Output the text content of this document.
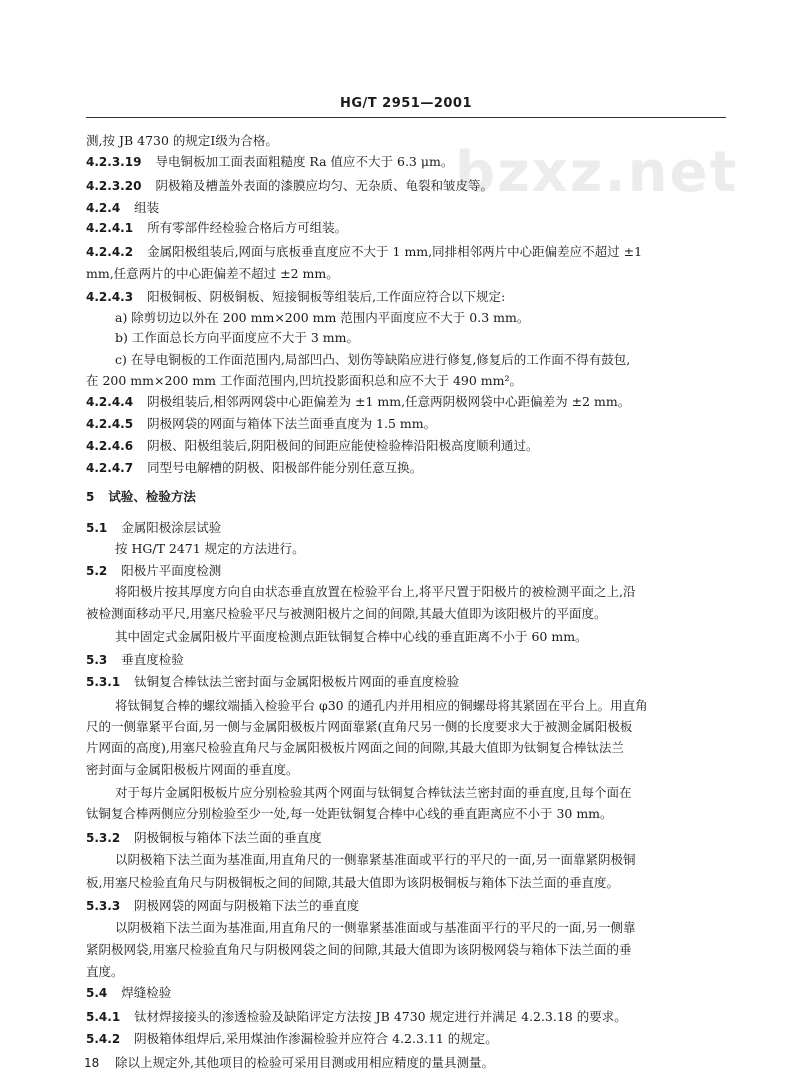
HG/T 2951—2001
bzxz.net
测,按 JB 4730 的规定Ⅰ级为合格。
4.2.3.19 导电铜板加工面表面粗糙度 Ra 值应不大于 6.3 μm。
4.2.3.20 阴极箱及槽盖外表面的漆膜应均匀、无杂质、龟裂和皱皮等。
4.2.4 组装
4.2.4.1 所有零部件经检验合格后方可组装。
4.2.4.2 金属阳极组装后,网面与底板垂直度应不大于 1 mm,同排相邻两片中心距偏差应不超过 ±1
mm,任意两片的中心距偏差不超过 ±2 mm。
4.2.4.3 阳极铜板、阴极铜板、短接铜板等组装后,工作面应符合以下规定:
a) 除剪切边以外在 200 mm×200 mm 范围内平面度应不大于 0.3 mm。
b) 工作面总长方向平面度应不大于 3 mm。
c) 在导电铜板的工作面范围内,局部凹凸、划伤等缺陷应进行修复,修复后的工作面不得有鼓包,
在 200 mm×200 mm 工作面范围内,凹坑投影面积总和应不大于 490 mm²。
4.2.4.4 阴极组装后,相邻两网袋中心距偏差为 ±1 mm,任意两阴极网袋中心距偏差为 ±2 mm。
4.2.4.5 阴极网袋的网面与箱体下法兰面垂直度为 1.5 mm。
4.2.4.6 阴极、阳极组装后,阴阳极间的间距应能使检验棒沿阳极高度顺利通过。
4.2.4.7 同型号电解槽的阴极、阳极部件能分别任意互换。
5 试验、检验方法
5.1 金属阳极涂层试验
按 HG/T 2471 规定的方法进行。
5.2 阳极片平面度检测
将阳极片按其厚度方向自由状态垂直放置在检验平台上,将平尺置于阳极片的被检测平面之上,沿
被检测面移动平尺,用塞尺检验平尺与被测阳极片之间的间隙,其最大值即为该阳极片的平面度。
其中固定式金属阳极片平面度检测点距钛铜复合棒中心线的垂直距离不小于 60 mm。
5.3 垂直度检验
5.3.1 钛铜复合棒钛法兰密封面与金属阳极板片网面的垂直度检验
将钛铜复合棒的螺纹端插入检验平台 φ30 的通孔内并用相应的铜螺母将其紧固在平台上。用直角
尺的一侧靠紧平台面,另一侧与金属阳极板片网面靠紧(直角尺另一侧的长度要求大于被测金属阳极板
片网面的高度),用塞尺检验直角尺与金属阳极板片网面之间的间隙,其最大值即为钛铜复合棒钛法兰
密封面与金属阳极板片网面的垂直度。
对于每片金属阳极板片应分别检验其两个网面与钛铜复合棒钛法兰密封面的垂直度,且每个面在
钛铜复合棒两侧应分别检验至少一处,每一处距钛铜复合棒中心线的垂直距离应不小于 30 mm。
5.3.2 阴极铜板与箱体下法兰面的垂直度
以阴极箱下法兰面为基准面,用直角尺的一侧靠紧基准面或平行的平尺的一面,另一面靠紧阴极铜
板,用塞尺检验直角尺与阴极铜板之间的间隙,其最大值即为该阴极铜板与箱体下法兰面的垂直度。
5.3.3 阴极网袋的网面与阴极箱下法兰的垂直度
以阴极箱下法兰面为基准面,用直角尺的一侧靠紧基准面或与基准面平行的平尺的一面,另一侧靠
紧阴极网袋,用塞尺检验直角尺与阴极网袋之间的间隙,其最大值即为该阴极网袋与箱体下法兰面的垂
直度。
5.4 焊缝检验
5.4.1 钛材焊接接头的渗透检验及缺陷评定方法按 JB 4730 规定进行并满足 4.2.3.18 的要求。
5.4.2 阴极箱体组焊后,采用煤油作渗漏检验并应符合 4.2.3.11 的规定。
除以上规定外,其他项目的检验可采用目测或用相应精度的量具测量。
18
